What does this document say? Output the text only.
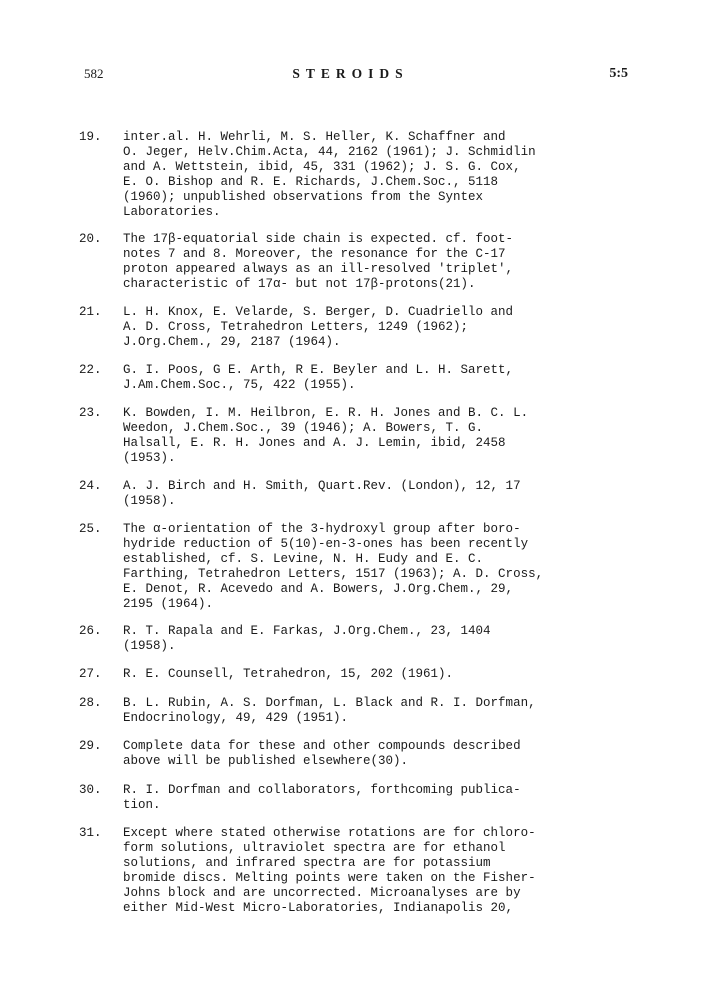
582	STEROIDS	5:5
19. inter.al. H. Wehrli, M. S. Heller, K. Schaffner and
O. Jeger, Helv.Chim.Acta, 44, 2162 (1961); J. Schmidlin
and A. Wettstein, ibid, 45, 331 (1962); J. S. G. Cox,
E. O. Bishop and R. E. Richards, J.Chem.Soc., 5118
(1960); unpublished observations from the Syntex
Laboratories.
20. The 17β-equatorial side chain is expected. cf. foot-
notes 7 and 8. Moreover, the resonance for the C-17
proton appeared always as an ill-resolved 'triplet',
characteristic of 17α- but not 17β-protons(21).
21. L. H. Knox, E. Velarde, S. Berger, D. Cuadriello and
A. D. Cross, Tetrahedron Letters, 1249 (1962);
J.Org.Chem., 29, 2187 (1964).
22. G. I. Poos, G E. Arth, R E. Beyler and L. H. Sarett,
J.Am.Chem.Soc., 75, 422 (1955).
23. K. Bowden, I. M. Heilbron, E. R. H. Jones and B. C. L.
Weedon, J.Chem.Soc., 39 (1946); A. Bowers, T. G.
Halsall, E. R. H. Jones and A. J. Lemin, ibid, 2458
(1953).
24. A. J. Birch and H. Smith, Quart.Rev. (London), 12, 17
(1958).
25. The α-orientation of the 3-hydroxyl group after boro-
hydride reduction of 5(10)-en-3-ones has been recently
established, cf. S. Levine, N. H. Eudy and E. C.
Farthing, Tetrahedron Letters, 1517 (1963); A. D. Cross,
E. Denot, R. Acevedo and A. Bowers, J.Org.Chem., 29,
2195 (1964).
26. R. T. Rapala and E. Farkas, J.Org.Chem., 23, 1404
(1958).
27. R. E. Counsell, Tetrahedron, 15, 202 (1961).
28. B. L. Rubin, A. S. Dorfman, L. Black and R. I. Dorfman,
Endocrinology, 49, 429 (1951).
29. Complete data for these and other compounds described
above will be published elsewhere(30).
30. R. I. Dorfman and collaborators, forthcoming publica-
tion.
31. Except where stated otherwise rotations are for chloro-
form solutions, ultraviolet spectra are for ethanol
solutions, and infrared spectra are for potassium
bromide discs. Melting points were taken on the Fisher-
Johns block and are uncorrected. Microanalyses are by
either Mid-West Micro-Laboratories, Indianapolis 20,
